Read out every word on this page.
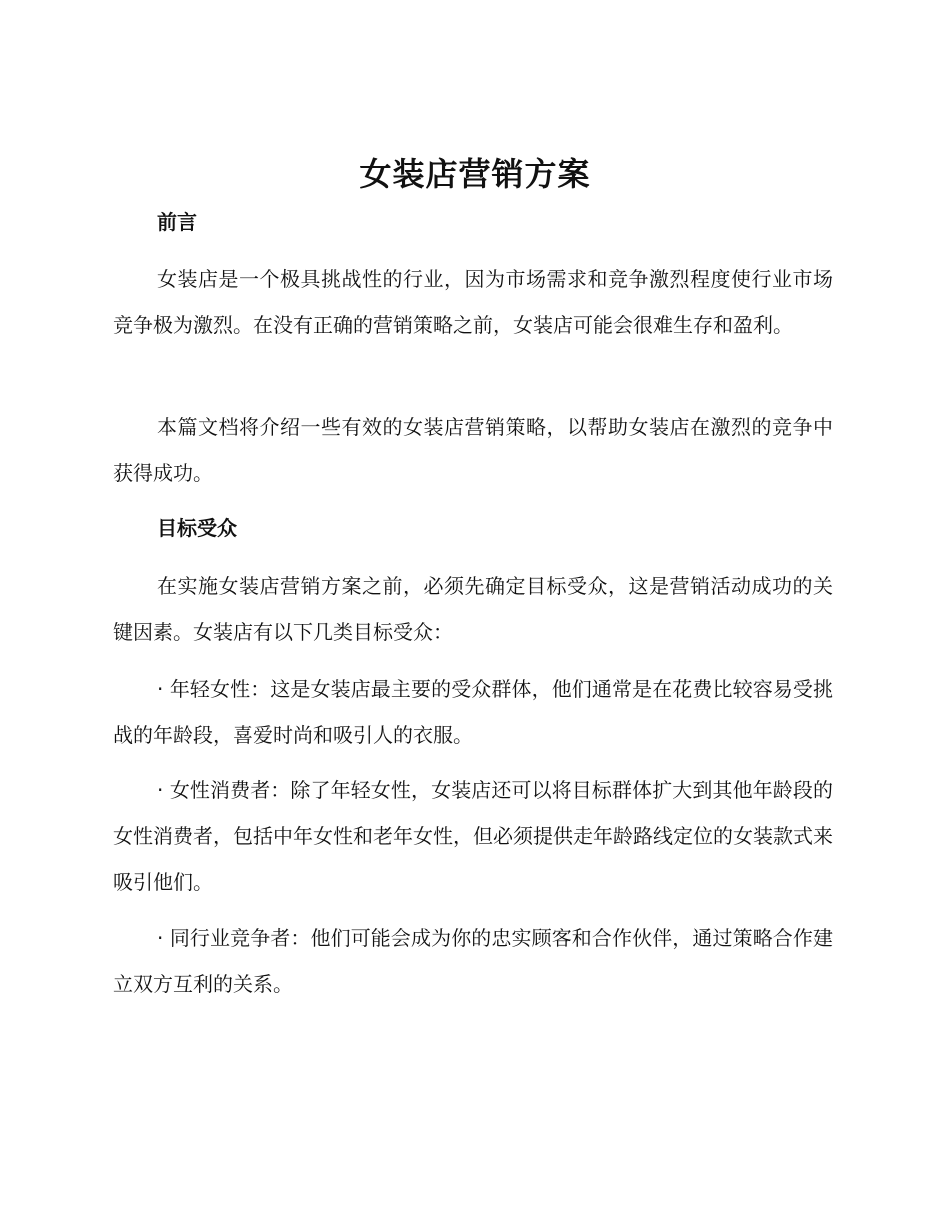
女装店营销方案
前言

女装店是一个极具挑战性的行业，因为市场需求和竞争激烈程度使行业市场竞争极为激烈。在没有正确的营销策略之前，女装店可能会很难生存和盈利。

本篇文档将介绍一些有效的女装店营销策略，以帮助女装店在激烈的竞争中获得成功。

目标受众

在实施女装店营销方案之前，必须先确定目标受众，这是营销活动成功的关键因素。女装店有以下几类目标受众：

· 年轻女性：这是女装店最主要的受众群体，他们通常是在花费比较容易受挑战的年龄段，喜爱时尚和吸引人的衣服。

· 女性消费者：除了年轻女性，女装店还可以将目标群体扩大到其他年龄段的女性消费者，包括中年女性和老年女性，但必须提供走年龄路线定位的女装款式来吸引他们。

· 同行业竞争者：他们可能会成为你的忠实顾客和合作伙伴，通过策略合作建立双方互利的关系。
